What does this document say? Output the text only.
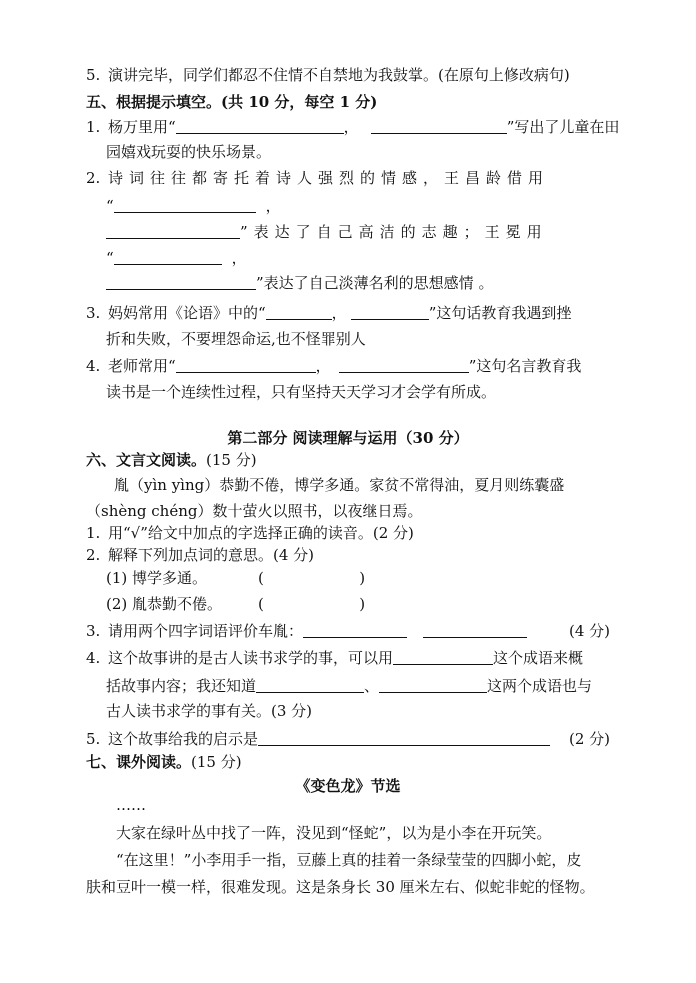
5. 演讲完毕，同学们都忍不住情不自禁地为我鼓掌。(在原句上修改病句)
五、根据提示填空。(共 10 分，每空 1 分)
1. 杨万里用“	，	”写出了儿童在田
园嬉戏玩耍的快乐场景。
2. 诗词往往都寄托着诗人强烈的情感，王昌龄借用
“	，
”表达了自己高洁的志趣；王冕用
“	，
”表达了自己淡薄名利的思想感情 。
3. 妈妈常用《论语》中的“	，	”这句话教育我遇到挫
折和失败，不要埋怨命运,也不怪罪别人
4. 老师常用“	，	”这句名言教育我
读书是一个连续性过程，只有坚持天天学习才会学有所成。
第二部分 阅读理解与运用（30 分）
六、文言文阅读。(15 分)
胤（yìn yìng）恭勤不倦，博学多通。家贫不常得油，夏月则练囊盛
（shèng chéng）数十萤火以照书，以夜继日焉。
1. 用“√”给文中加点的字选择正确的读音。(2 分)
2. 解释下列加点词的意思。(4 分)
(1) 博学多通。	(                    )
(2) 胤恭勤不倦。 (                    )
3. 请用两个四字词语评价车胤：	(4 分)
4. 这个故事讲的是古人读书求学的事，可以用	这个成语来概
括故事内容；我还知道	、	这两个成语也与
古人读书求学的事有关。(3 分)
5. 这个故事给我的启示是	(2 分)
七、课外阅读。(15 分)
《变色龙》节选
……
大家在绿叶丛中找了一阵，没见到“怪蛇”，以为是小李在开玩笑。
“在这里！”小李用手一指，豆藤上真的挂着一条绿莹莹的四脚小蛇，皮
肤和豆叶一模一样，很难发现。这是条身长 30 厘米左右、似蛇非蛇的怪物。
